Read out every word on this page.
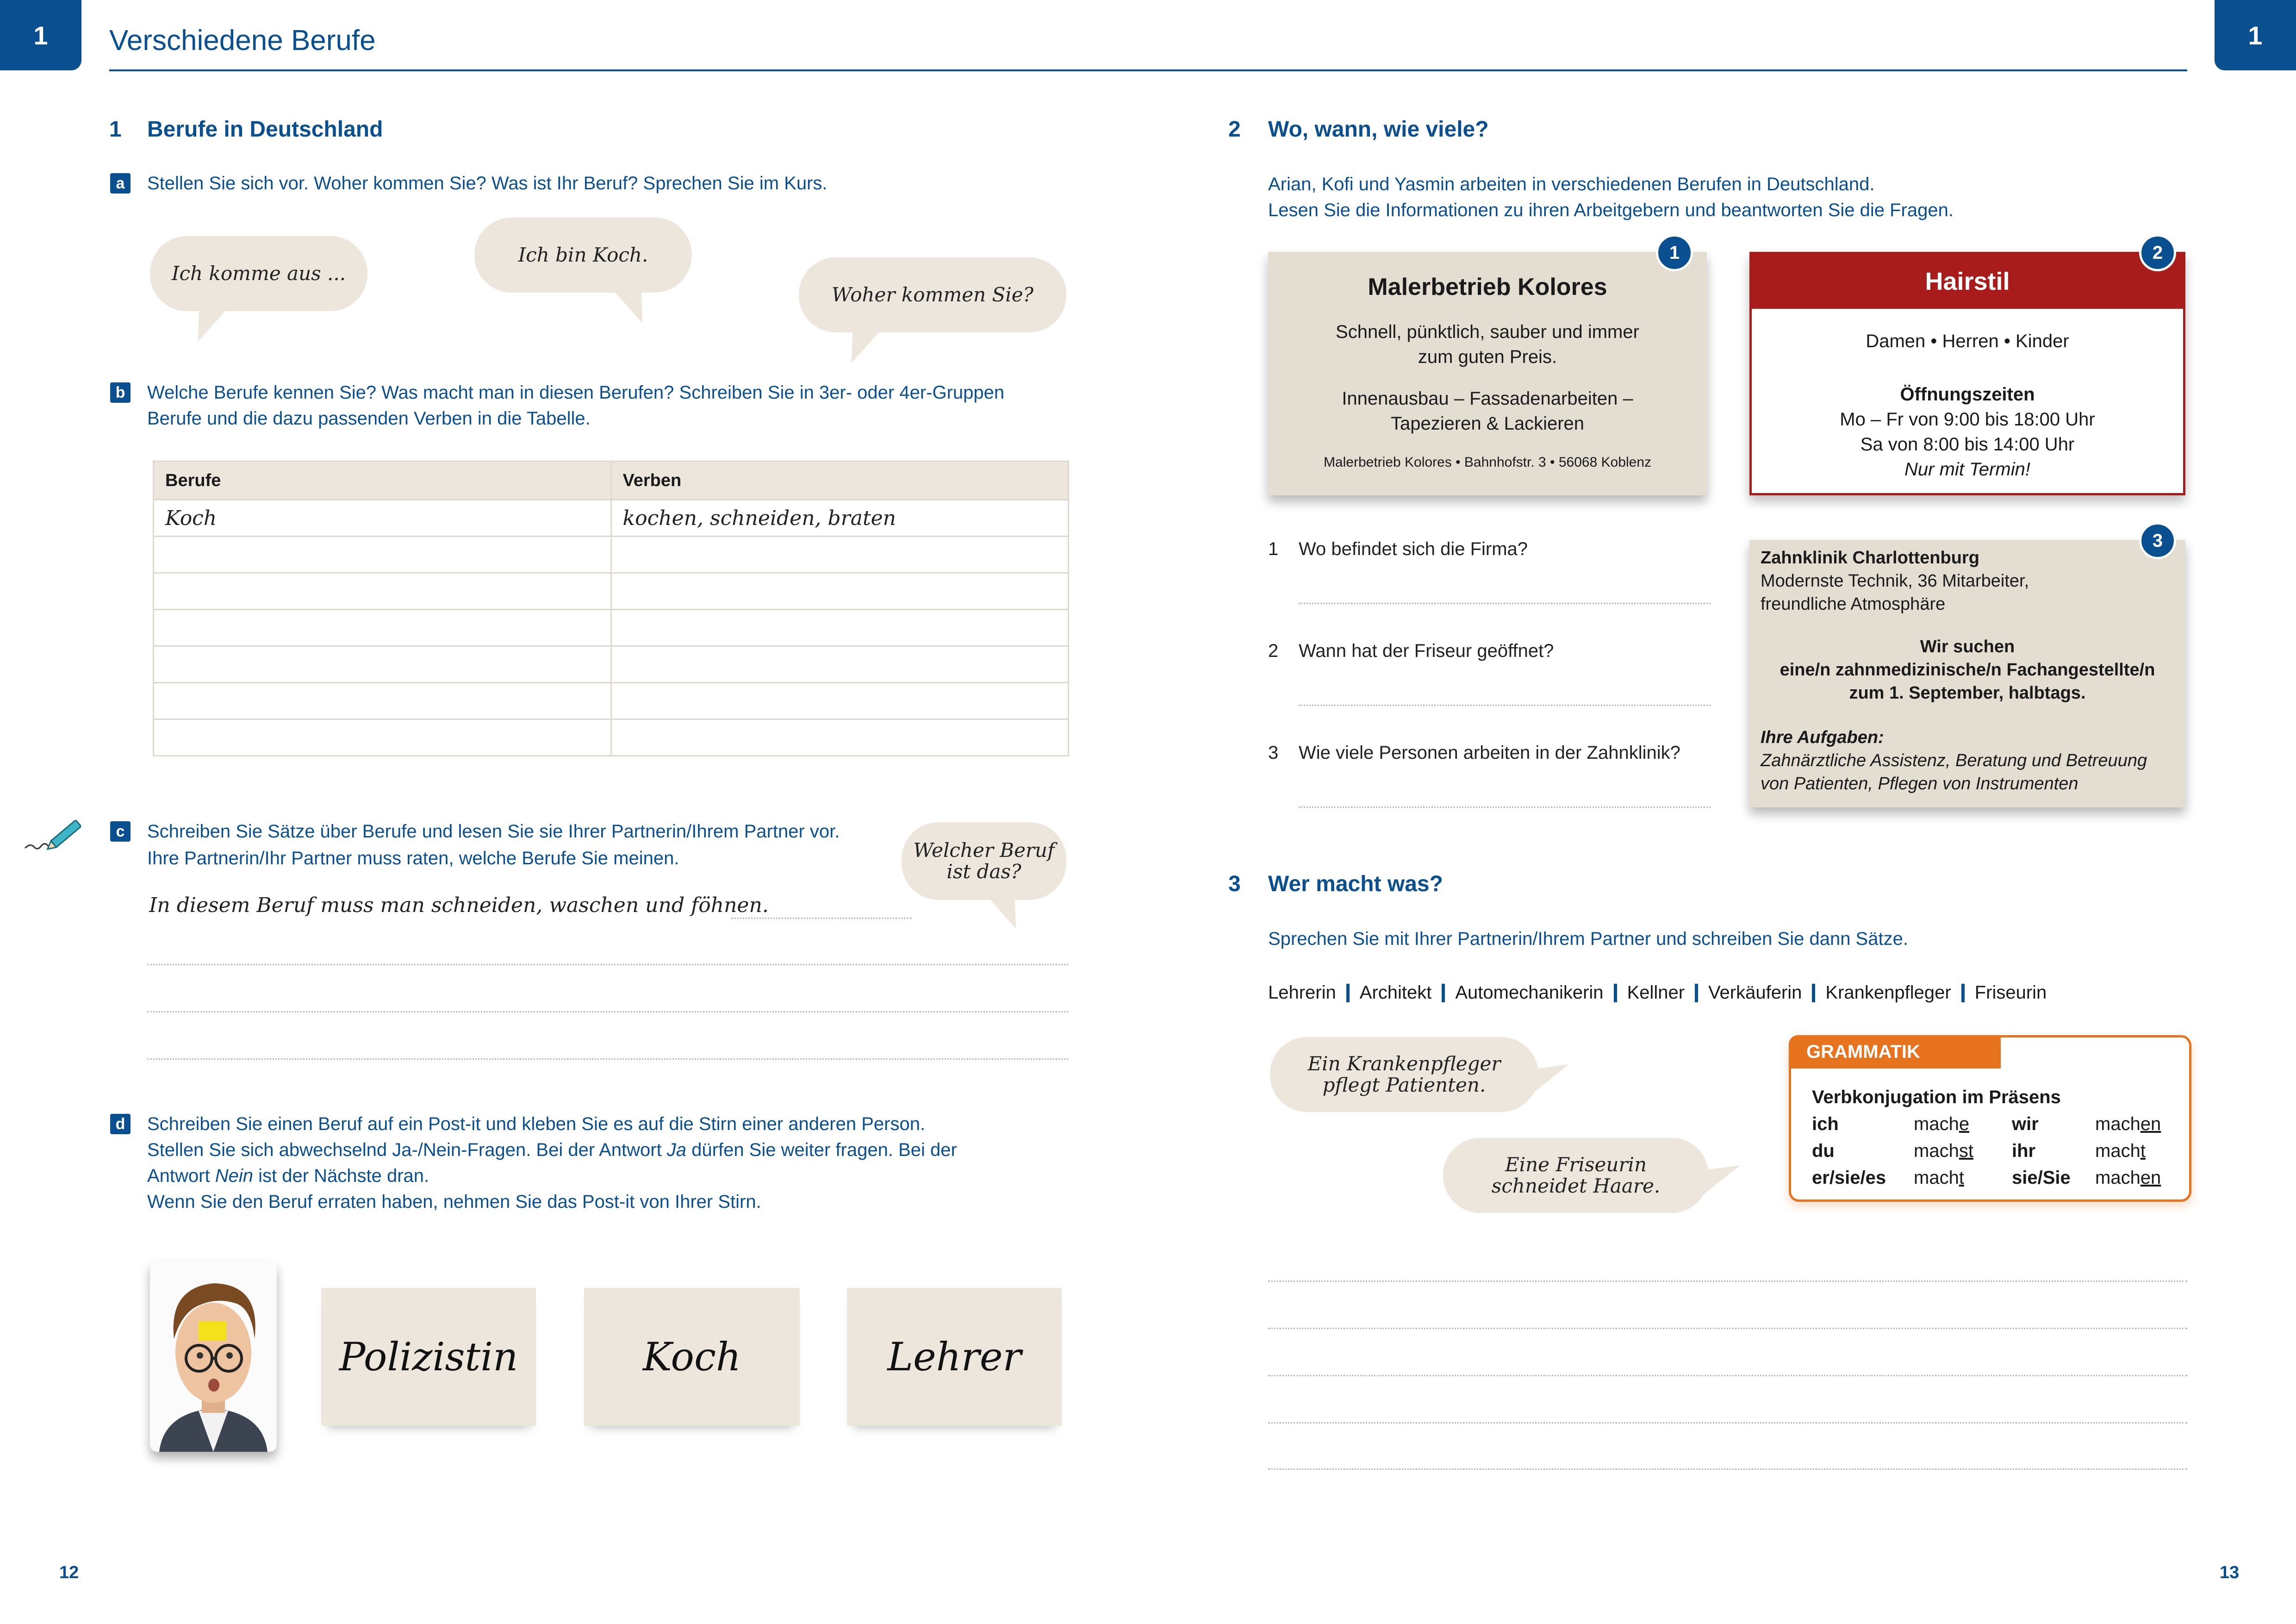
1	1
Verschiedene Berufe
1 Berufe in Deutschland
a	Stellen Sie sich vor. Woher kommen Sie? Was ist Ihr Beruf? Sprechen Sie im Kurs.
Ich komme aus ...
Ich bin Koch.
Woher kommen Sie?
b Welche Berufe kennen Sie? Was macht man in diesen Berufen? Schreiben Sie in 3er- oder 4er-Gruppen
Berufe und die dazu passenden Verben in die Tabelle.
Berufe	Verben
Koch	kochen, schneiden, braten

c	Schreiben Sie Sätze über Berufe und lesen Sie sie Ihrer Partnerin/Ihrem Partner vor.
Ihre Partnerin/Ihr Partner muss raten, welche Berufe Sie meinen.
In diesem Beruf muss man schneiden, waschen und föhnen.
Welcher Beruf
ist das?
d Schreiben Sie einen Beruf auf ein Post-it und kleben Sie es auf die Stirn einer anderen Person.
Stellen Sie sich abwechselnd Ja-/Nein-Fragen. Bei der Antwort Ja dürfen Sie weiter fragen. Bei der
Antwort Nein ist der Nächste dran.
Wenn Sie den Beruf erraten haben, nehmen Sie das Post-it von Ihrer Stirn.
Polizistin	Koch	Lehrer
12
2 Wo, wann, wie viele?
Arian, Kofi und Yasmin arbeiten in verschiedenen Berufen in Deutschland.
Lesen Sie die Informationen zu ihren Arbeitgebern und beantworten Sie die Fragen.
Malerbetrieb Kolores
Schnell, pünktlich, sauber und immer
zum guten Preis.
Innenausbau – Fassadenarbeiten –
Tapezieren & Lackieren
Malerbetrieb Kolores • Bahnhofstr. 3 • 56068 Koblenz
1
Hairstil
Damen • Herren • Kinder
Öffnungszeiten
Mo – Fr von 9:00 bis 18:00 Uhr
Sa von 8:00 bis 14:00 Uhr
Nur mit Termin!
2
Zahnklinik Charlottenburg
Modernste Technik, 36 Mitarbeiter,
freundliche Atmosphäre
Wir suchen
eine/n zahnmedizinische/n Fachangestellte/n
zum 1. September, halbtags.
Ihre Aufgaben:
Zahnärztliche Assistenz, Beratung und Betreuung
von Patienten, Pflegen von Instrumenten
3
1 Wo befindet sich die Firma?
2 Wann hat der Friseur geöffnet?
3 Wie viele Personen arbeiten in der Zahnklinik?
3 Wer macht was?
Sprechen Sie mit Ihrer Partnerin/Ihrem Partner und schreiben Sie dann Sätze.
Lehrerin Architekt Automechanikerin Kellner Verkäuferin Krankenpfleger Friseurin
Ein Krankenpfleger
pflegt Patienten.
Eine Friseurin
schneidet Haare.
GRAMMATIK
Verbkonjugation im Präsens
ich	mache	wir	machen
du	machst	ihr	macht
er/sie/es	macht	sie/Sie	machen
13
